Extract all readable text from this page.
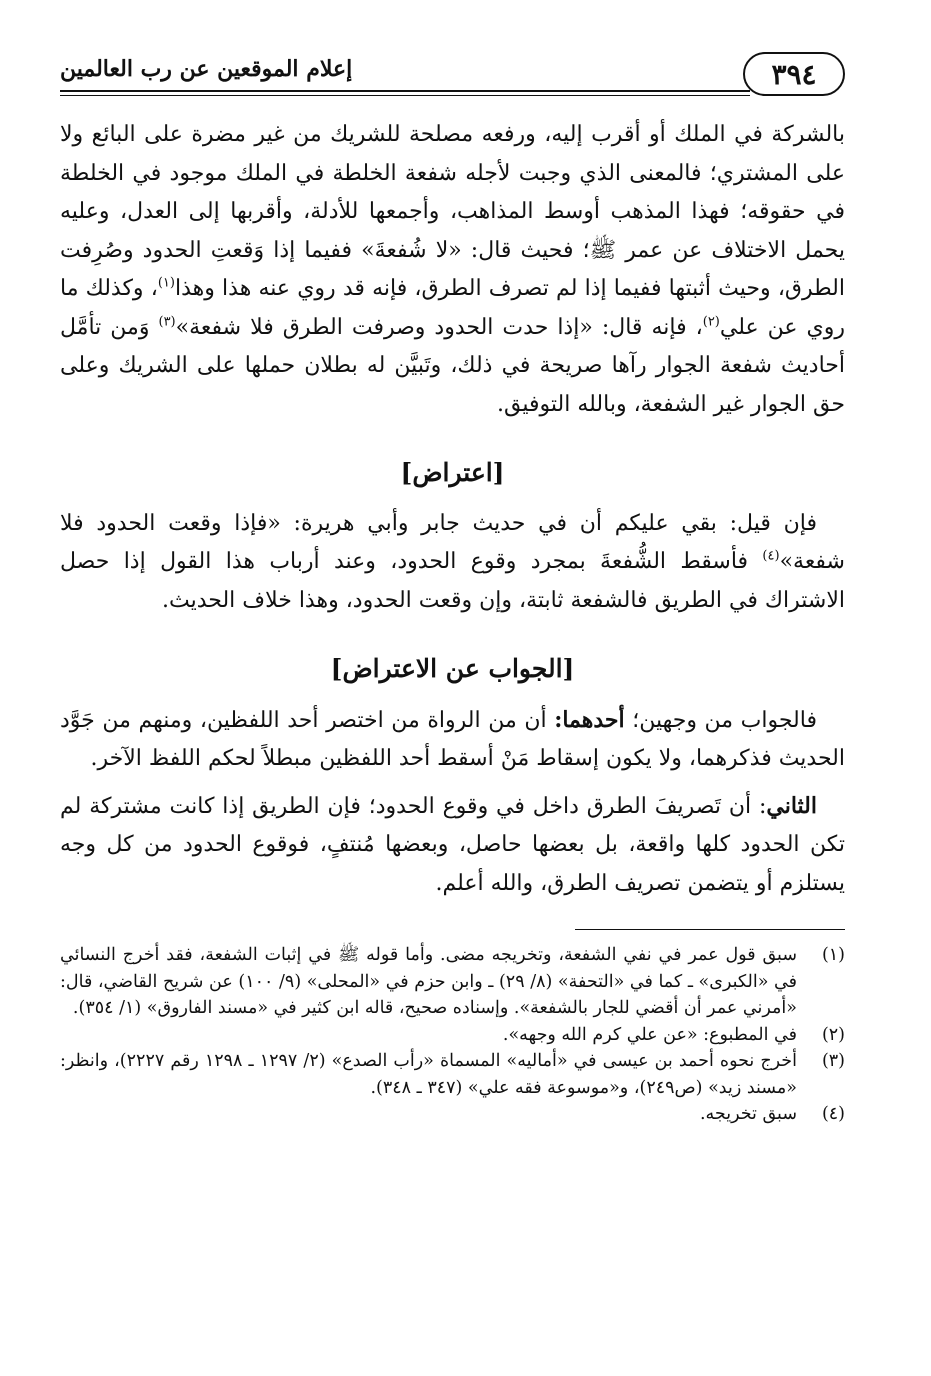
٣٩٤
إعلام الموقعين عن رب العالمين

بالشركة في الملك أو أقرب إليه، ورفعه مصلحة للشريك من غير مضرة على البائع ولا على المشتري؛ فالمعنى الذي وجبت لأجله شفعة الخلطة في الملك موجود في الخلطة في حقوقه؛ فهذا المذهب أوسط المذاهب، وأجمعها للأدلة، وأقربها إلى العدل، وعليه يحمل الاختلاف عن عمر ﷺ؛ فحيث قال: «لا شُفعةَ» ففيما إذا وَقعتِ الحدود وصُرِفت الطرق، وحيث أثبتها ففيما إذا لم تصرف الطرق، فإنه قد روي عنه هذا وهذا$^{(١)}$، وكذلك ما روي عن علي$^{(٢)}$، فإنه قال: «إذا حدت الحدود وصرفت الطرق فلا شفعة»$^{(٣)}$ وَمن تأمَّل أحاديث شفعة الجوار رآها صريحة في ذلك، وتَبيَّن له بطلان حملها على الشريك وعلى حق الجوار غير الشفعة، وبالله التوفيق.

[اعتراض]

فإن قيل: بقي عليكم أن في حديث جابر وأبي هريرة: «فإذا وقعت الحدود فلا شفعة»$^{(٤)}$ فأسقط الشُّفعةَ بمجرد وقوع الحدود، وعند أرباب هذا القول إذا حصل الاشتراك في الطريق فالشفعة ثابتة، وإن وقعت الحدود، وهذا خلاف الحديث.

[الجواب عن الاعتراض]

فالجواب من وجهين؛ أحدهما: أن من الرواة من اختصر أحد اللفظين، ومنهم من جَوَّد الحديث فذكرهما، ولا يكون إسقاط مَنْ أسقط أحد اللفظين مبطلاً لحكم اللفظ الآخر.

الثاني: أن تَصريفَ الطرق داخل في وقوع الحدود؛ فإن الطريق إذا كانت مشتركة لم تكن الحدود كلها واقعة، بل بعضها حاصل، وبعضها مُنتفٍ، فوقوع الحدود من كل وجه يستلزم أو يتضمن تصريف الطرق، والله أعلم.

(١)
سبق قول عمر في نفي الشفعة، وتخريجه مضى. وأما قوله ﷺ في إثبات الشفعة، فقد أخرج النسائي في «الكبرى» ـ كما في «التحفة» (٨/ ٢٩) ـ وابن حزم في «المحلى» (٩/ ١٠٠) عن شريح القاضي، قال: «أمرني عمر أن أقضي للجار بالشفعة». وإسناده صحيح، قاله ابن كثير في «مسند الفاروق» (١/ ٣٥٤).
(٢)
في المطبوع: «عن علي كرم الله وجهه».
(٣)
أخرج نحوه أحمد بن عيسى في «أماليه» المسماة «رأب الصدع» (٢/ ١٢٩٧ ـ ١٢٩٨ رقم ٢٢٢٧)، وانظر: «مسند زيد» (ص٢٤٩)، و«موسوعة فقه علي» (٣٤٧ ـ ٣٤٨).
(٤)
سبق تخريجه.
